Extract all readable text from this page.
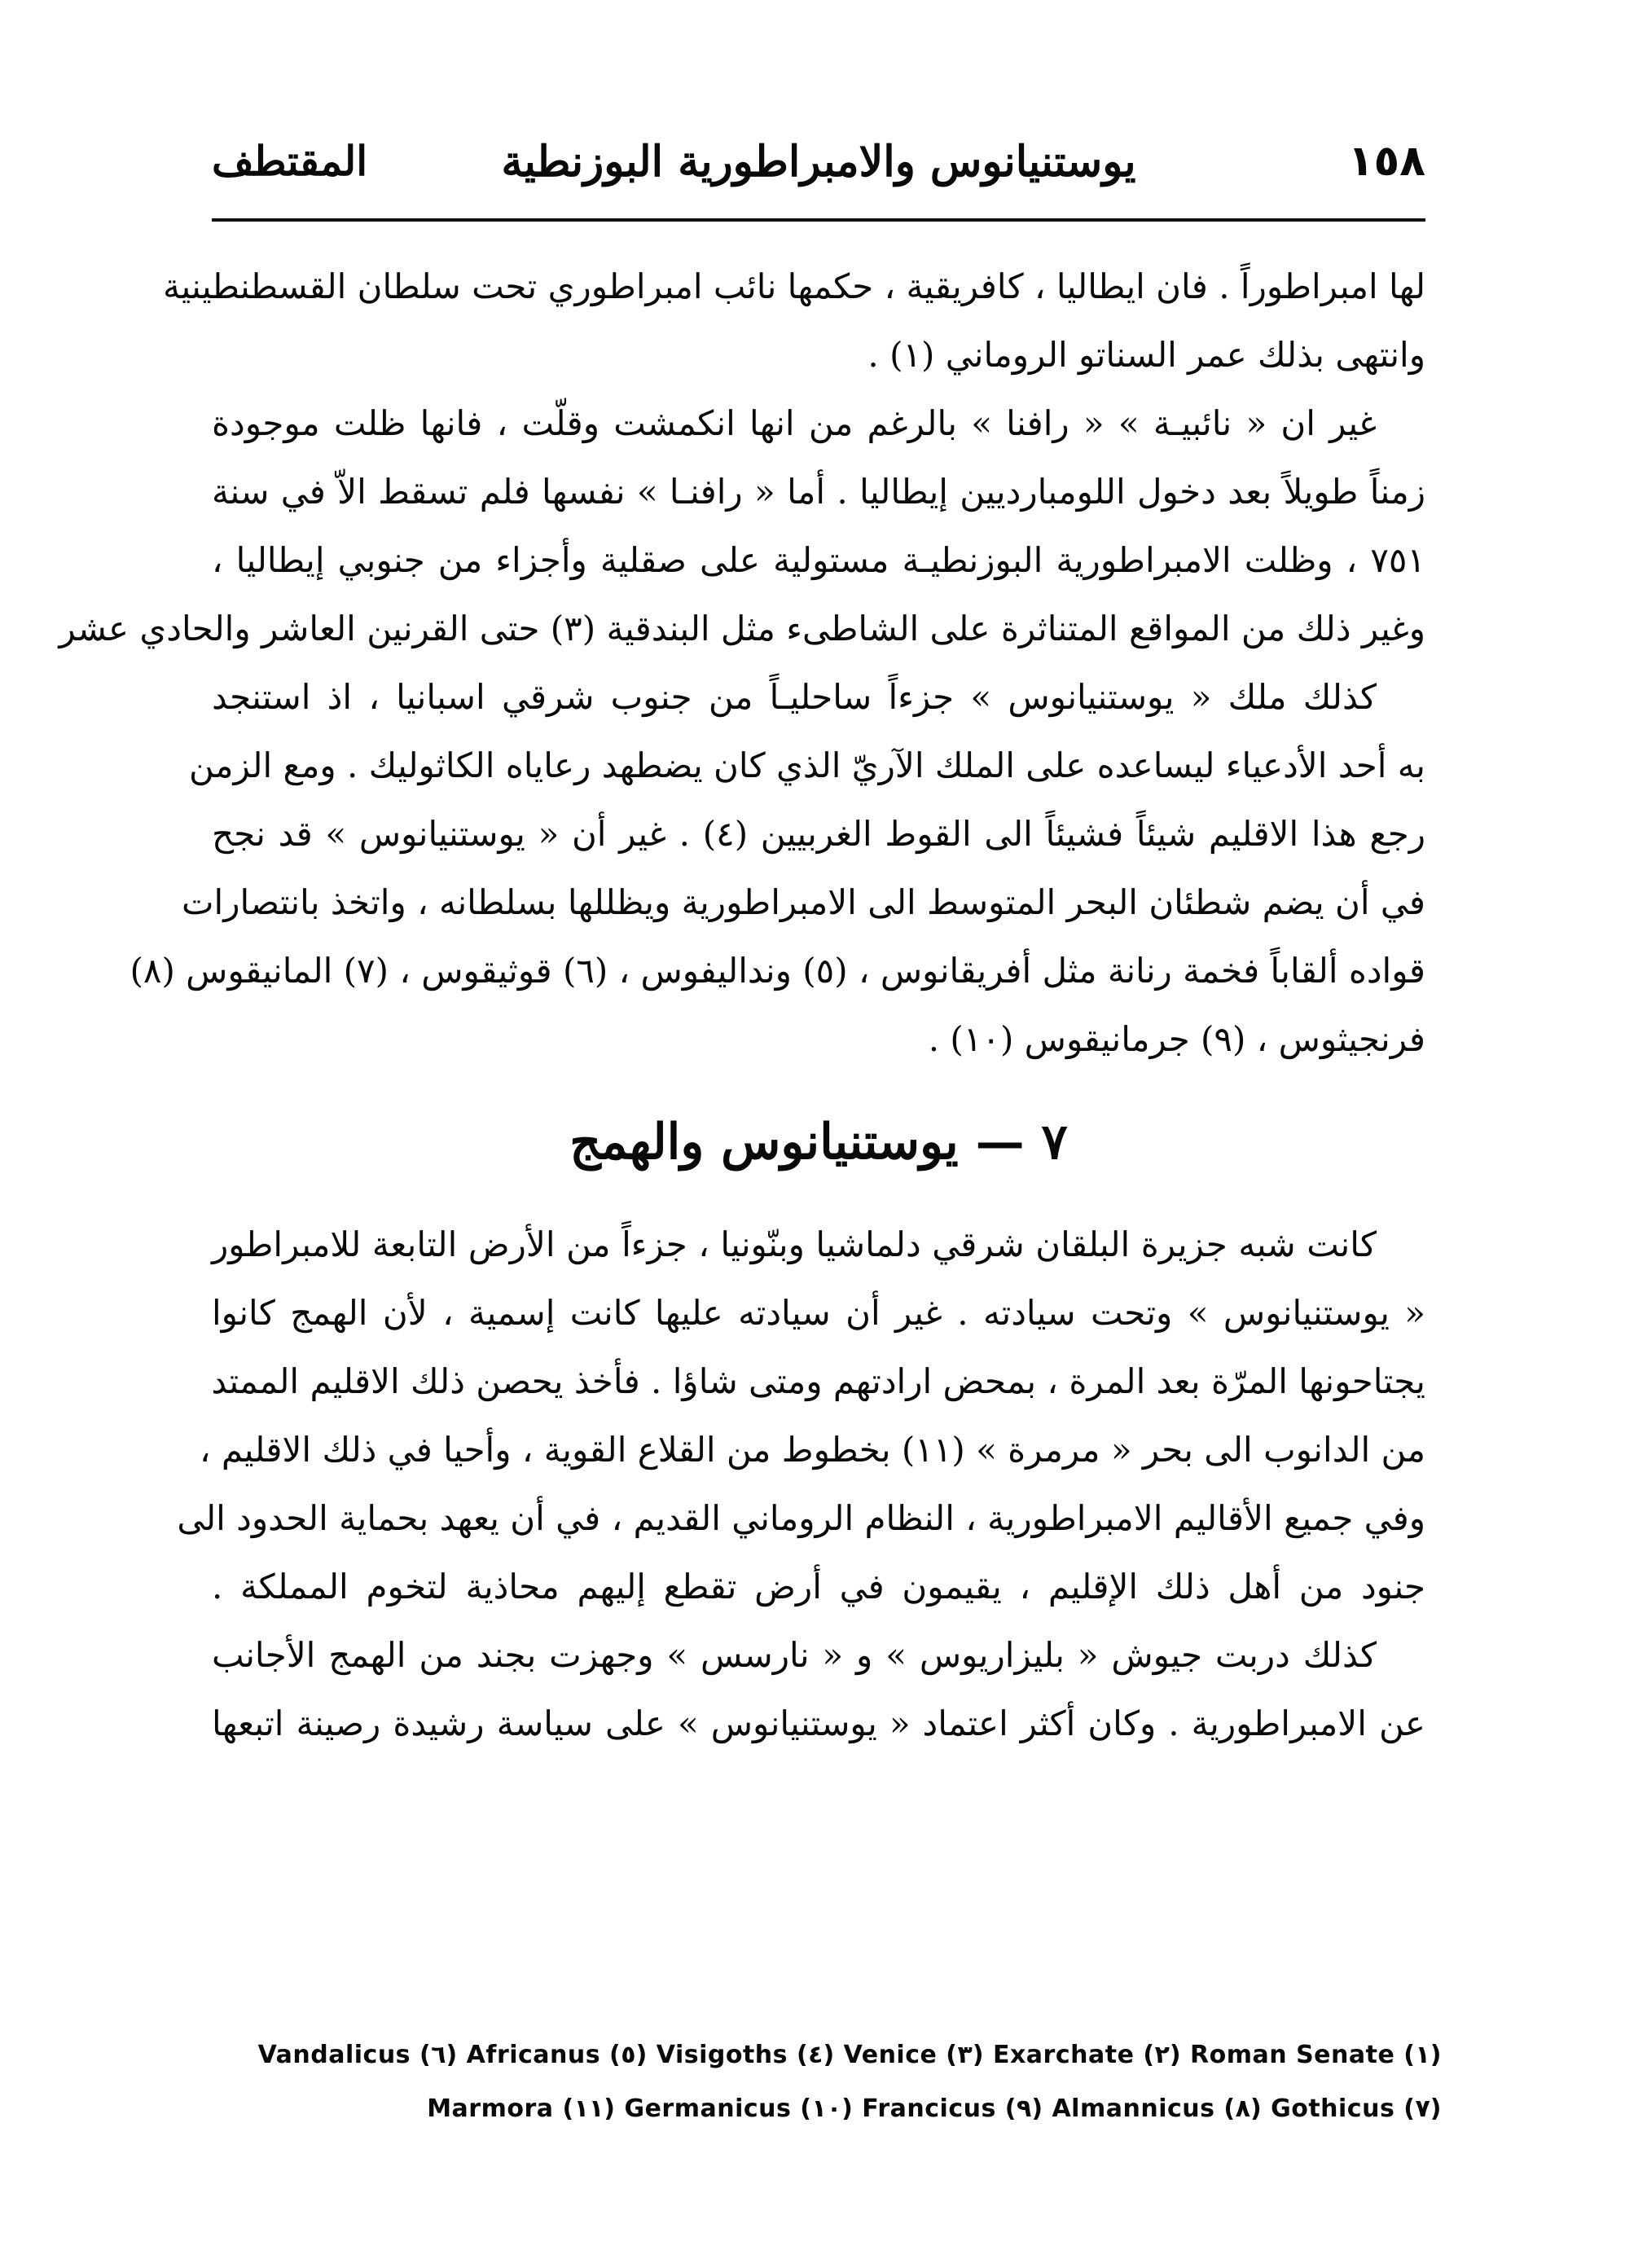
١٥٨
يوستنيانوس والامبراطورية البوزنطية
المقتطف
لها امبراطوراً . فان ايطاليا ، كافريقية ، حكمها نائب امبراطوري تحت سلطان القسطنطينية
وانتهى بذلك عمر السناتو الروماني (١) .
غير ان « نائبيـة » « رافنا » بالرغم من انها انكمشت وقلّت ، فانها ظلت موجودة
زمناً طويلاً بعد دخول اللومبارديين إيطاليا . أما « رافنـا » نفسها فلم تسقط الاّ في سنة
٧٥١ ، وظلت الامبراطورية البوزنطيـة مستولية على صقلية وأجزاء من جنوبي إيطاليا ،
وغير ذلك من المواقع المتناثرة على الشاطىء مثل البندقية (٣) حتى القرنين العاشر والحادي عشر
كذلك ملك « يوستنيانوس » جزءاً ساحليـاً من جنوب شرقي اسبانيا ، اذ استنجد
به أحد الأدعياء ليساعده على الملك الآريّ الذي كان يضطهد رعاياه الكاثوليك . ومع الزمن
رجع هذا الاقليم شيئاً فشيئاً الى القوط الغربيين (٤) . غير أن « يوستنيانوس » قد نجح
في أن يضم شطئان البحر المتوسط الى الامبراطورية ويظللها بسلطانه ، واتخذ بانتصارات
قواده ألقاباً فخمة رنانة مثل أفريقانوس ، (٥) ونداليفوس ، (٦) قوثيقوس ، (٧) المانيقوس (٨)
فرنجيثوس ، (٩) جرمانيقوس (١٠) .
٧ — يوستنيانوس والهمج
كانت شبه جزيرة البلقان شرقي دلماشيا وبنّونيا ، جزءاً من الأرض التابعة للامبراطور
« يوستنيانوس » وتحت سيادته . غير أن سيادته عليها كانت إسمية ، لأن الهمج كانوا
يجتاحونها المرّة بعد المرة ، بمحض ارادتهم ومتى شاؤا . فأخذ يحصن ذلك الاقليم الممتد
من الدانوب الى بحر « مرمرة » (١١) بخطوط من القلاع القوية ، وأحيا في ذلك الاقليم ،
وفي جميع الأقاليم الامبراطورية ، النظام الروماني القديم ، في أن يعهد بحماية الحدود الى
جنود من أهل ذلك الإقليم ، يقيمون في أرض تقطع إليهم محاذية لتخوم المملكة .
كذلك دربت جيوش « بليزاريوس » و « نارسس » وجهزت بجند من الهمج الأجانب
عن الامبراطورية . وكان أكثر اعتماد « يوستنيانوس » على سياسة رشيدة رصينة اتبعها
Vandalicus (٦) Africanus (٥) Visigoths (٤) Venice (٣) Exarchate (٢) Roman Senate (١)
Marmora (١١) Germanicus (١٠) Francicus (٩) Almannicus (٨) Gothicus (٧)
